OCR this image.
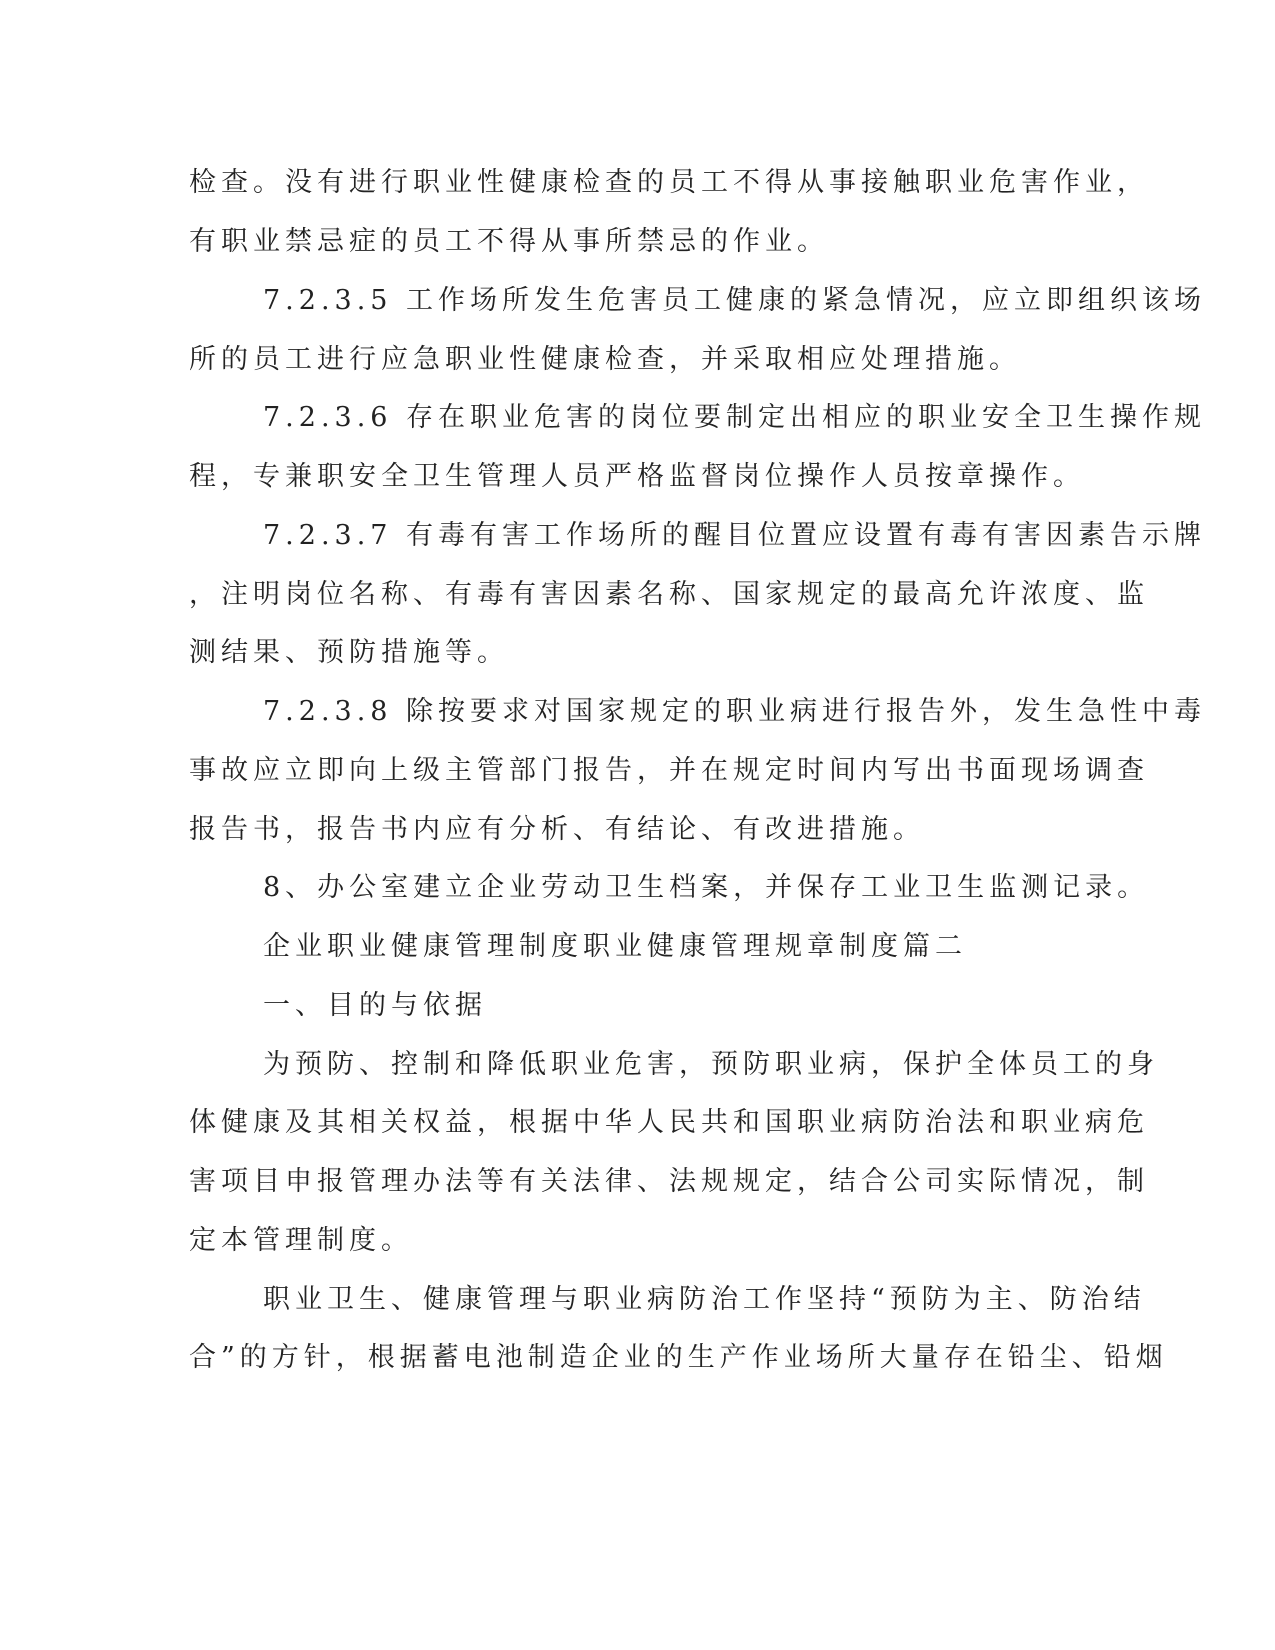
检查。没有进行职业性健康检查的员工不得从事接触职业危害作业，
有职业禁忌症的员工不得从事所禁忌的作业。
7.2.3.5 工作场所发生危害员工健康的紧急情况，应立即组织该场
所的员工进行应急职业性健康检查，并采取相应处理措施。
7.2.3.6 存在职业危害的岗位要制定出相应的职业安全卫生操作规
程，专兼职安全卫生管理人员严格监督岗位操作人员按章操作。
7.2.3.7 有毒有害工作场所的醒目位置应设置有毒有害因素告示牌
，注明岗位名称、有毒有害因素名称、国家规定的最高允许浓度、监
测结果、预防措施等。
7.2.3.8 除按要求对国家规定的职业病进行报告外，发生急性中毒
事故应立即向上级主管部门报告，并在规定时间内写出书面现场调查
报告书，报告书内应有分析、有结论、有改进措施。
8、办公室建立企业劳动卫生档案，并保存工业卫生监测记录。
企业职业健康管理制度职业健康管理规章制度篇二
一、目的与依据
为预防、控制和降低职业危害，预防职业病，保护全体员工的身
体健康及其相关权益，根据中华人民共和国职业病防治法和职业病危
害项目申报管理办法等有关法律、法规规定，结合公司实际情况，制
定本管理制度。
职业卫生、健康管理与职业病防治工作坚持“预防为主、防治结
合”的方针，根据蓄电池制造企业的生产作业场所大量存在铅尘、铅烟
